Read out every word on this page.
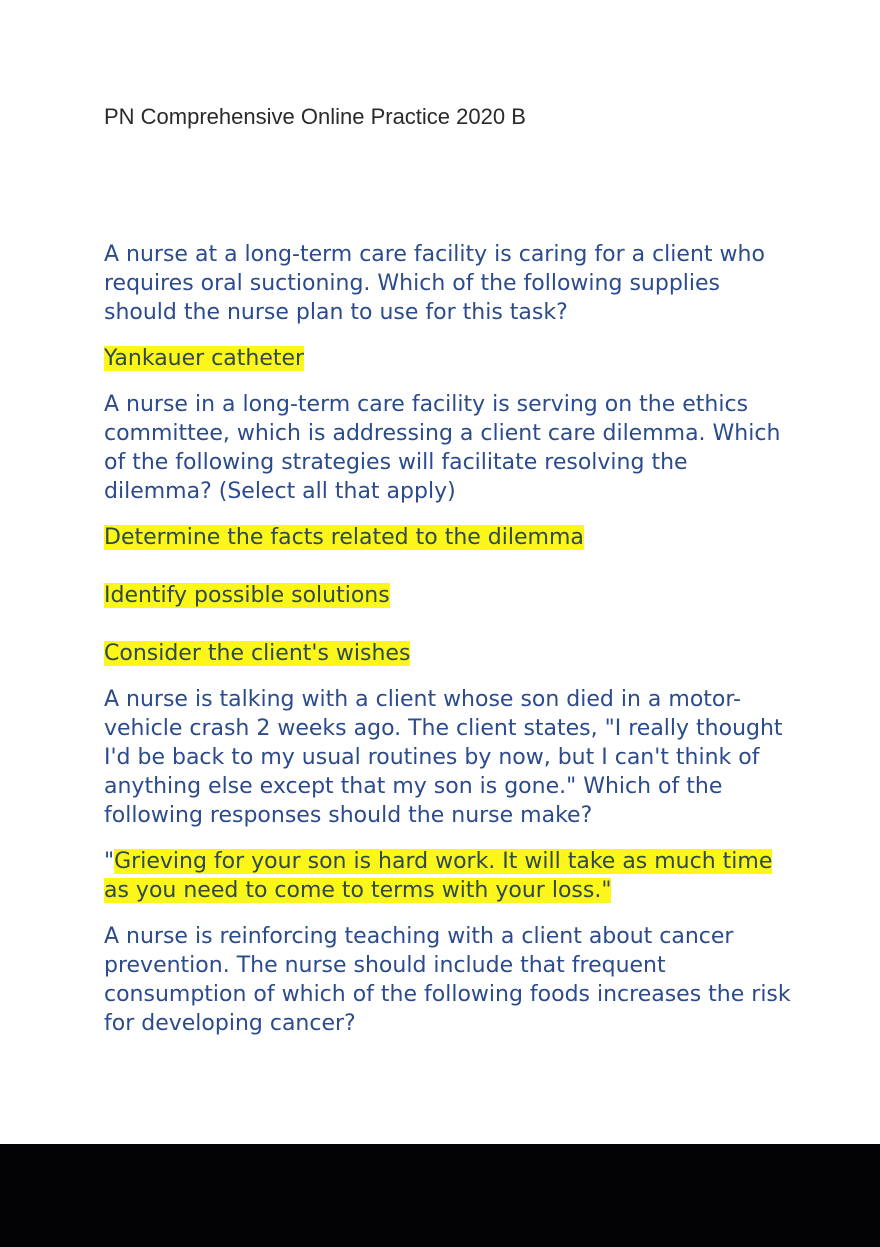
PN Comprehensive Online Practice 2020 B

A nurse at a long-term care facility is caring for a client who requires oral suctioning. Which of the following supplies should the nurse plan to use for this task?

Yankauer catheter

A nurse in a long-term care facility is serving on the ethics committee, which is addressing a client care dilemma. Which of the following strategies will facilitate resolving the dilemma? (Select all that apply)

Determine the facts related to the dilemma

Identify possible solutions

Consider the client's wishes

A nurse is talking with a client whose son died in a motor-vehicle crash 2 weeks ago. The client states, "I really thought I'd be back to my usual routines by now, but I can't think of anything else except that my son is gone." Which of the following responses should the nurse make?

"Grieving for your son is hard work. It will take as much time as you need to come to terms with your loss."

A nurse is reinforcing teaching with a client about cancer prevention. The nurse should include that frequent consumption of which of the following foods increases the risk for developing cancer?
